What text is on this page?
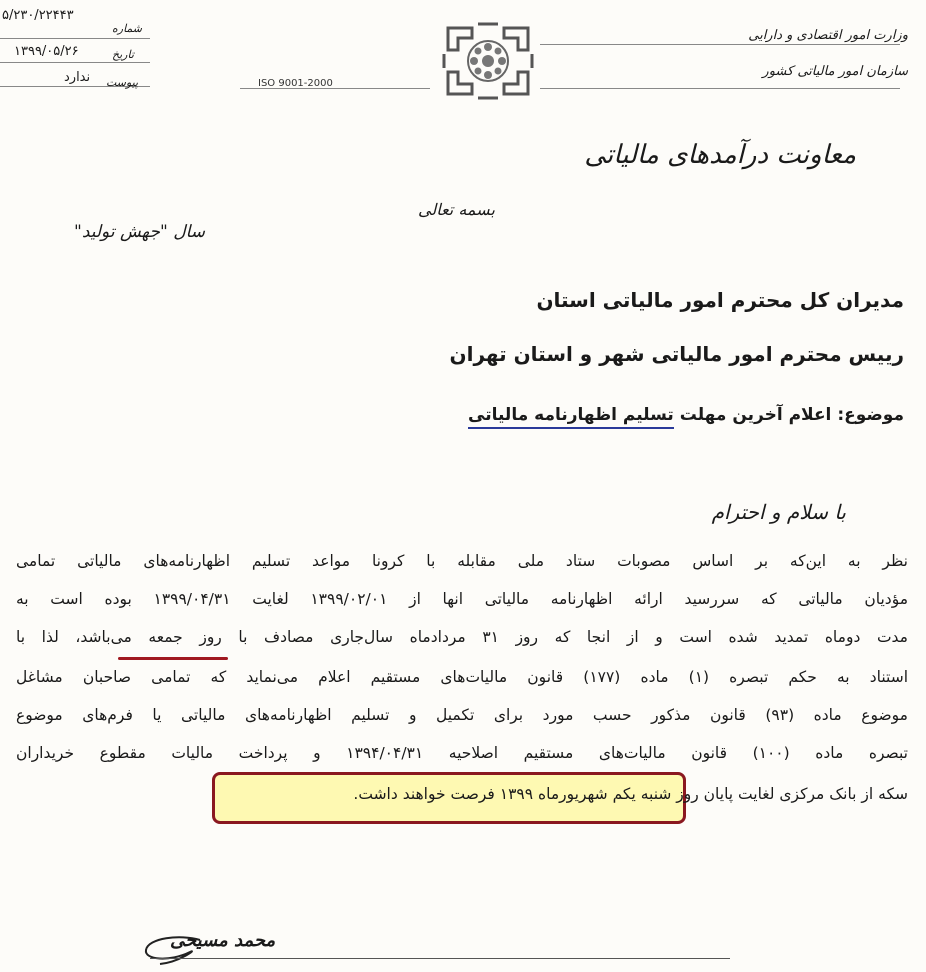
وزارت امور اقتصادی و دارایی
سازمان امور مالیاتی کشور
۵/۲۳۰/۲۲۴۴۳
شماره
۱۳۹۹/۰۵/۲۶	تاریخ
ندارد پیوست	ISO 9001-2000
معاونت درآمدهای مالیاتی
بسمه تعالی
سال "جهش تولید"
مدیران کل محترم امور مالیاتی استان
رییس محترم امور مالیاتی شهر و استان تهران
موضوع: اعلام آخرین مهلت تسلیم اظهارنامه مالیاتی
با سلام و احترام
نظر به این‌که بر اساس مصوبات ستاد ملی مقابله با کرونا مواعد تسلیم اظهارنامه‌های مالیاتی تمامی
مؤدیان مالیاتی که سررسید ارائه اظهارنامه مالیاتی انها از ۱۳۹۹/۰۲/۰۱ لغایت ۱۳۹۹/۰۴/۳۱ بوده است به
مدت دوماه تمدید شده است و از انجا که روز ۳۱ مردادماه سال‌جاری مصادف با روز جمعه می‌باشد، لذا با
استناد به حکم تبصره (۱) ماده (۱۷۷) قانون مالیات‌های مستقیم اعلام می‌نماید که تمامی صاحبان مشاغل
موضوع ماده (۹۳) قانون مذکور حسب مورد برای تکمیل و تسلیم اظهارنامه‌های مالیاتی یا فرم‌های موضوع
تبصره ماده (۱۰۰) قانون مالیات‌های مستقیم اصلاحیه ۱۳۹۴/۰۴/۳۱ و پرداخت مالیات مقطوع خریداران
سکه از بانک مرکزی لغایت پایان روز شنبه یکم شهریورماه ۱۳۹۹ فرصت خواهند داشت.
محمد مسیحی
